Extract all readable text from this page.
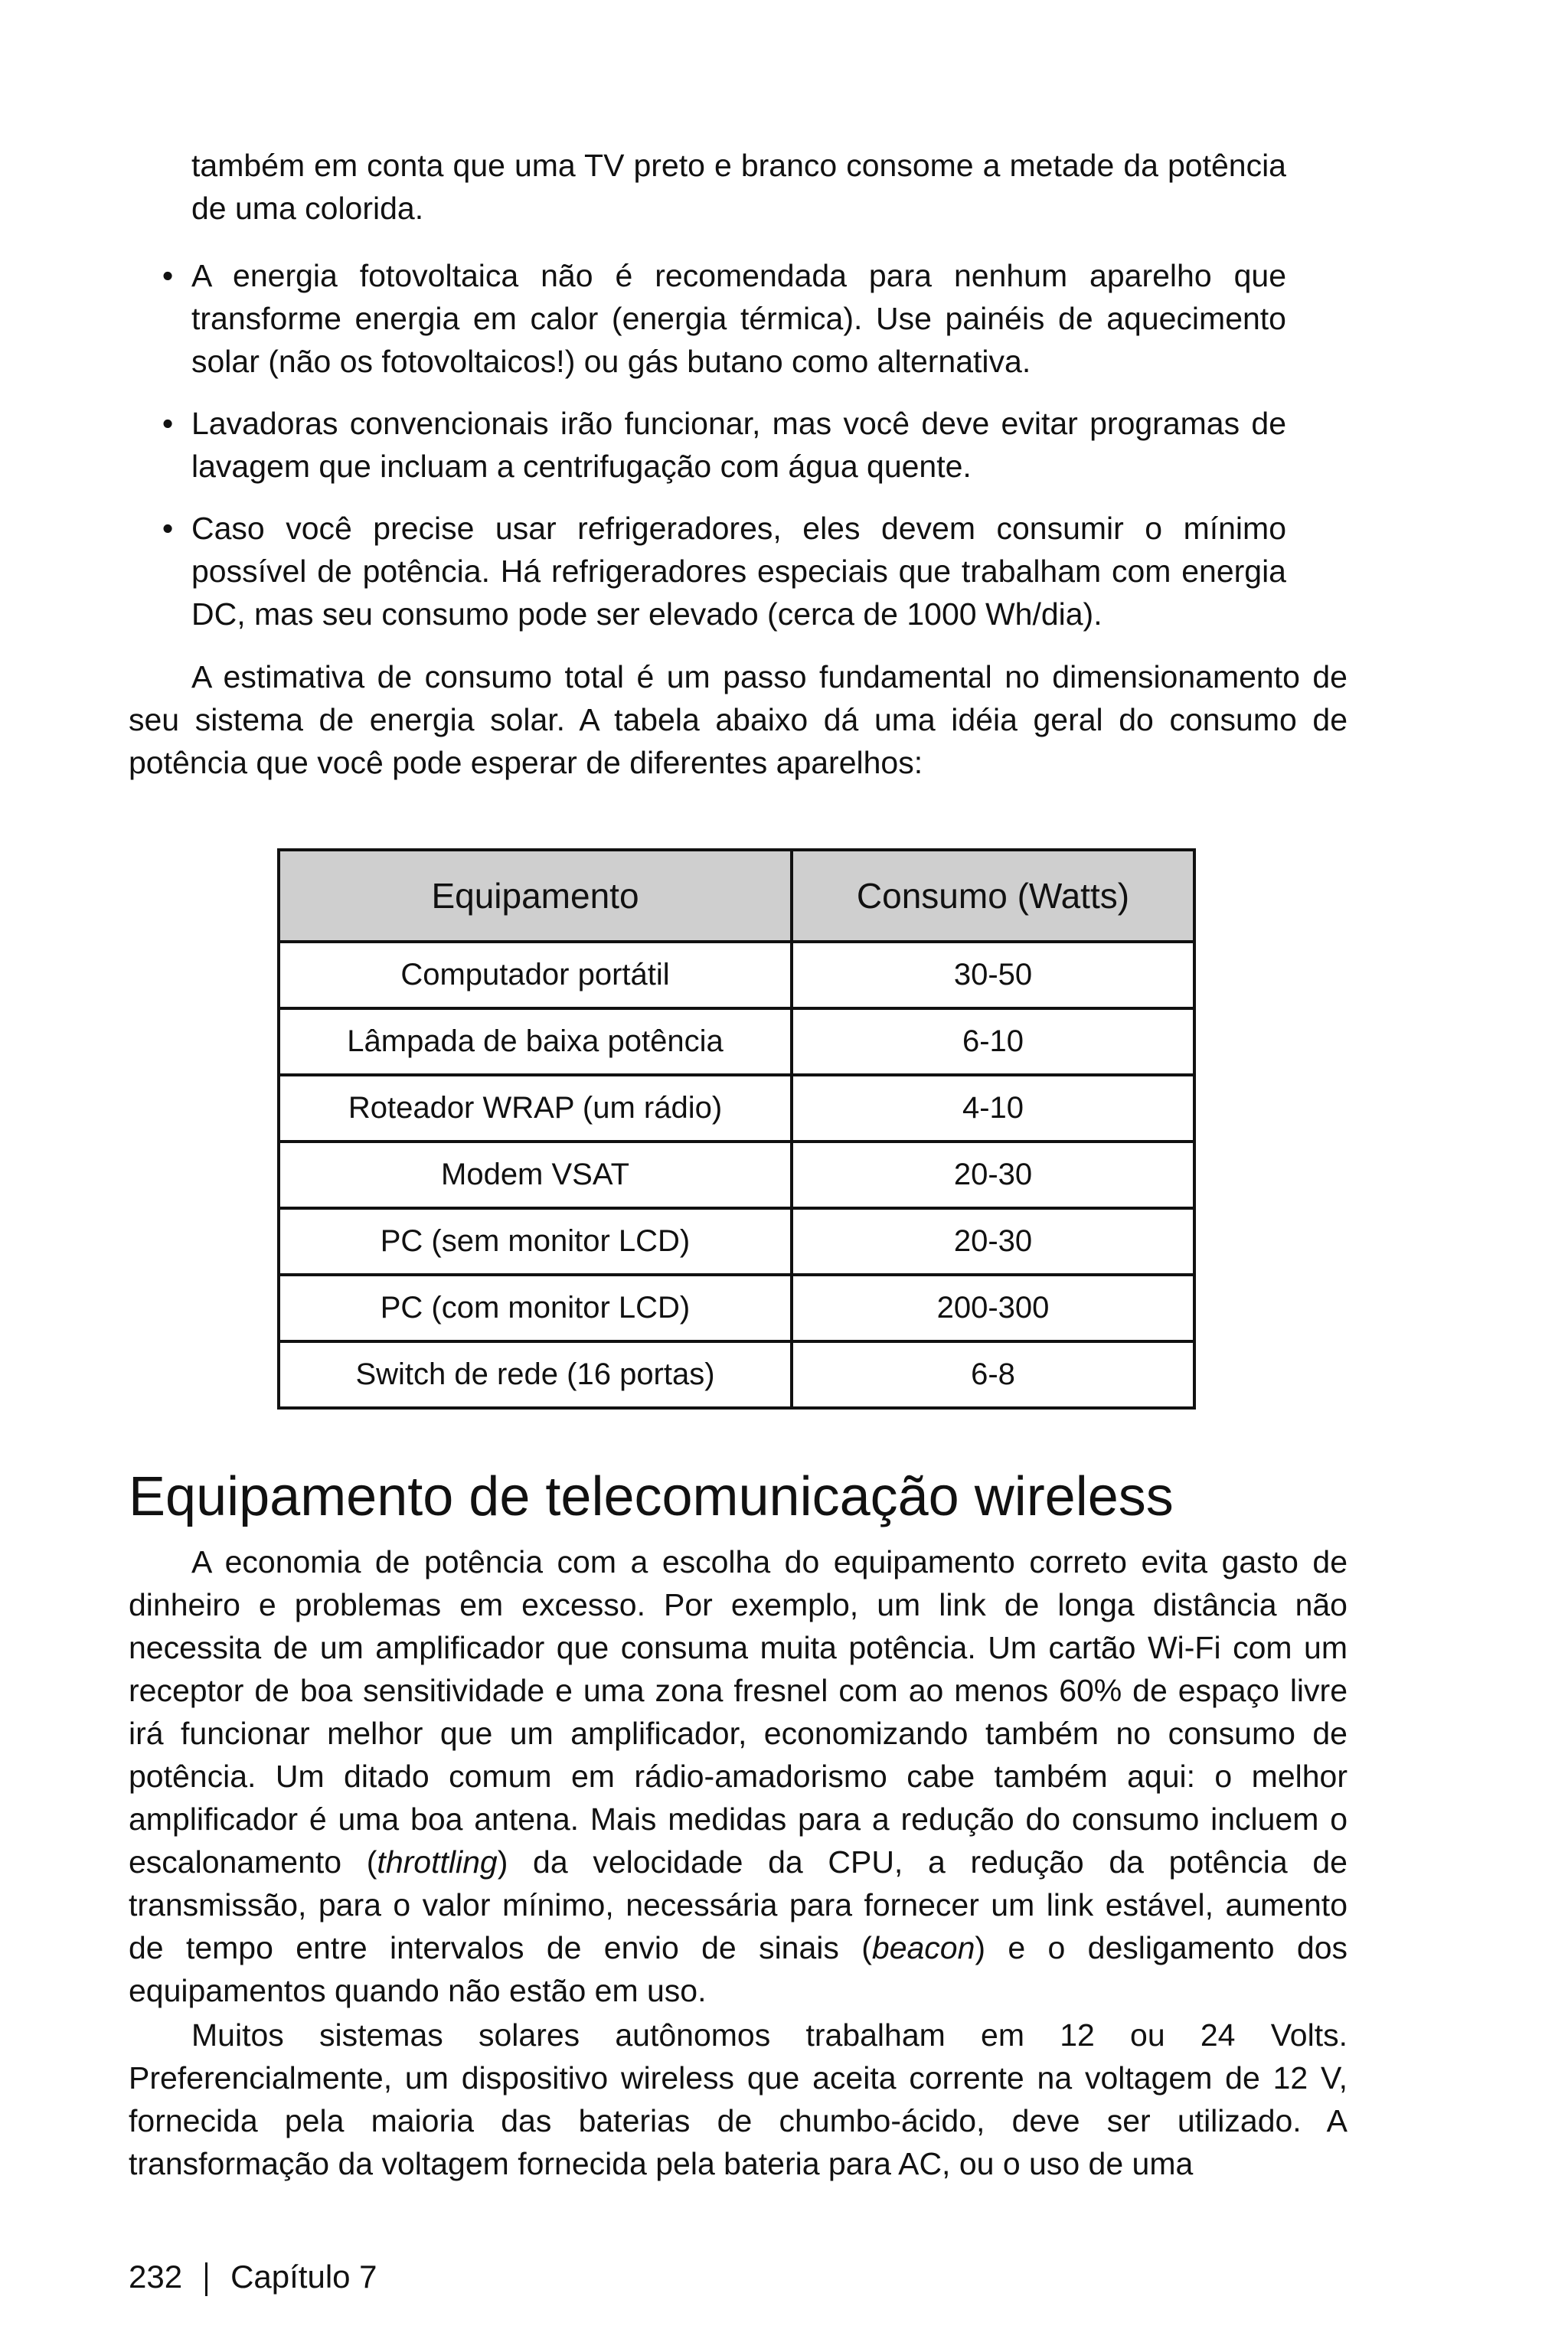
também em conta que uma TV preto e branco consome a metade da potência de uma colorida.

• A energia fotovoltaica não é recomendada para nenhum aparelho que transforme energia em calor (energia térmica). Use painéis de aquecimento solar (não os fotovoltaicos!) ou gás butano como alternativa.
• Lavadoras convencionais irão funcionar, mas você deve evitar programas de lavagem que incluam a centrifugação com água quente.
• Caso você precise usar refrigeradores, eles devem consumir o mínimo possível de potência. Há refrigeradores especiais que trabalham com energia DC, mas seu consumo pode ser elevado (cerca de 1000 Wh/dia).

A estimativa de consumo total é um passo fundamental no dimensionamento de seu sistema de energia solar. A tabela abaixo dá uma idéia geral do consumo de potência que você pode esperar de diferentes aparelhos:

Equipamento	Consumo (Watts)
Computador portátil	30-50
Lâmpada de baixa potência	6-10
Roteador WRAP (um rádio)	4-10
Modem VSAT	20-30
PC (sem monitor LCD)	20-30
PC (com monitor LCD)	200-300
Switch de rede (16 portas)	6-8
Equipamento de telecomunicação wireless

A economia de potência com a escolha do equipamento correto evita gasto de dinheiro e problemas em excesso. Por exemplo, um link de longa distância não necessita de um amplificador que consuma muita potência. Um cartão Wi-Fi com um receptor de boa sensitividade e uma zona fresnel com ao menos 60% de espaço livre irá funcionar melhor que um amplificador, economizando também no consumo de potência. Um ditado comum em rádio-amadorismo cabe também aqui: o melhor amplificador é uma boa antena. Mais medidas para a redução do consumo incluem o escalonamento (throttling) da velocidade da CPU, a redução da potência de transmissão, para o valor mínimo, necessária para fornecer um link estável, aumento de tempo entre intervalos de envio de sinais (beacon) e o desligamento dos equipamentos quando não estão em uso.

Muitos sistemas solares autônomos trabalham em 12 ou 24 Volts. Preferencialmente, um dispositivo wireless que aceita corrente na voltagem de 12 V, fornecida pela maioria das baterias de chumbo-ácido, deve ser utilizado. A transformação da voltagem fornecida pela bateria para AC, ou o uso de uma

232 Capítulo 7
